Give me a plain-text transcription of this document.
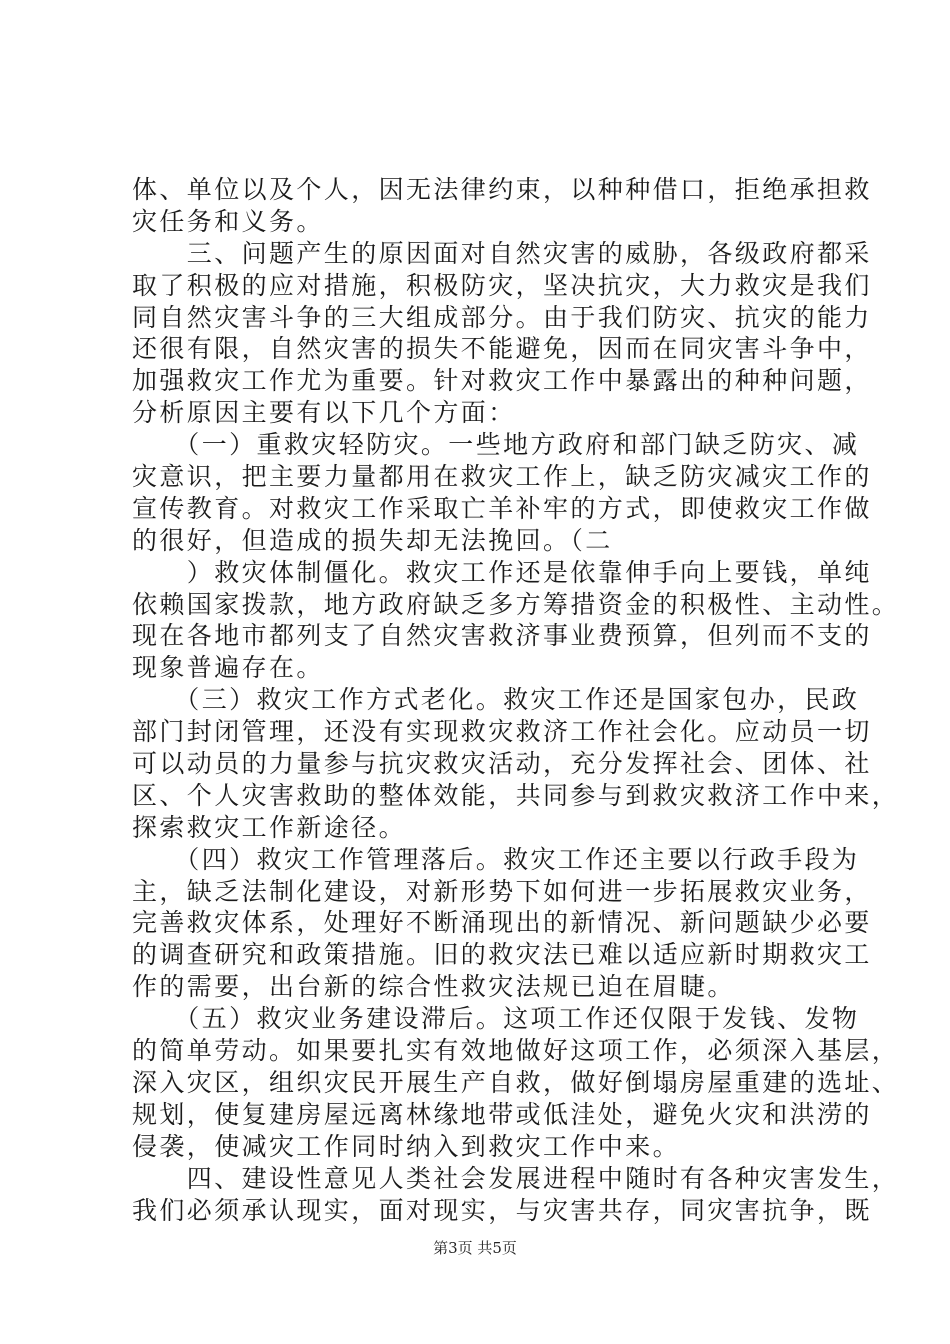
体、单位以及个人，因无法律约束，以种种借口，拒绝承担救
灾任务和义务。
　　三、问题产生的原因面对自然灾害的威胁，各级政府都采
取了积极的应对措施，积极防灾，坚决抗灾，大力救灾是我们
同自然灾害斗争的三大组成部分。由于我们防灾、抗灾的能力
还很有限，自然灾害的损失不能避免，因而在同灾害斗争中，
加强救灾工作尤为重要。针对救灾工作中暴露出的种种问题，
分析原因主要有以下几个方面：
　　（一）重救灾轻防灾。一些地方政府和部门缺乏防灾、减
灾意识，把主要力量都用在救灾工作上，缺乏防灾减灾工作的
宣传教育。对救灾工作采取亡羊补牢的方式，即使救灾工作做
的很好，但造成的损失却无法挽回。（二
　　）救灾体制僵化。救灾工作还是依靠伸手向上要钱，单纯
依赖国家拨款，地方政府缺乏多方筹措资金的积极性、主动性。
现在各地市都列支了自然灾害救济事业费预算，但列而不支的
现象普遍存在。
　　（三）救灾工作方式老化。救灾工作还是国家包办，民政
部门封闭管理，还没有实现救灾救济工作社会化。应动员一切
可以动员的力量参与抗灾救灾活动，充分发挥社会、团体、社
区、个人灾害救助的整体效能，共同参与到救灾救济工作中来，
探索救灾工作新途径。
　　（四）救灾工作管理落后。救灾工作还主要以行政手段为
主，缺乏法制化建设，对新形势下如何进一步拓展救灾业务，
完善救灾体系，处理好不断涌现出的新情况、新问题缺少必要
的调查研究和政策措施。旧的救灾法已难以适应新时期救灾工
作的需要，出台新的综合性救灾法规已迫在眉睫。
　　（五）救灾业务建设滞后。这项工作还仅限于发钱、发物
的简单劳动。如果要扎实有效地做好这项工作，必须深入基层，
深入灾区，组织灾民开展生产自救，做好倒塌房屋重建的选址、
规划，使复建房屋远离林缘地带或低洼处，避免火灾和洪涝的
侵袭，使减灾工作同时纳入到救灾工作中来。
　　四、建设性意见人类社会发展进程中随时有各种灾害发生，
我们必须承认现实，面对现实，与灾害共存，同灾害抗争，既
第3页 共5页
